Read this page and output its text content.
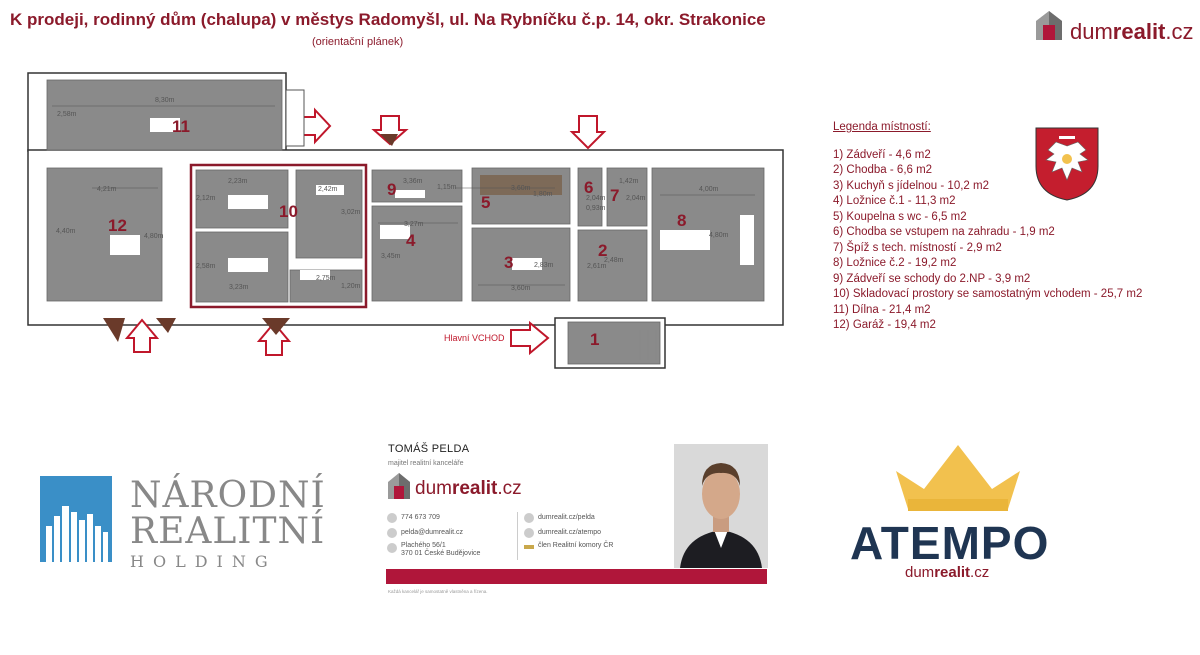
K prodeji, rodinný dům (chalupa) v městys Radomyšl, ul. Na Rybníčku č.p. 14, okr. Strakonice
(orientační plánek)	dumrealit.cz
11
12
10
9
4
5
3
6 7
2
8
1
Hlavní VCHOD
8,30m
2,58m
4,21m
4,40m
4,80m
2,23m
2,12m
2,42m
3,02m
2,58m
3,23m
2,75m
1,20m
3,36m
1,15m
3,27m
3,45m
3,60m
1,80m
2,83m
3,60m
2,04m
0,93m
1,42m
2,04m
2,48m
2,61m
4,00m
4,80m
Legenda místností:
1) Zádveří - 4,6 m2
2) Chodba - 6,6 m2
3) Kuchyň s jídelnou - 10,2 m2
4) Ložnice č.1 - 11,3 m2
5) Koupelna s wc - 6,5 m2
6) Chodba se vstupem na zahradu - 1,9 m2
7) Špíž s tech. místností - 2,9 m2
8) Ložnice č.2 - 19,2 m2
9) Zádveří se schody do 2.NP - 3,9 m2
10) Skladovací prostory se samostatným vchodem - 25,7 m2
11) Dílna - 21,4 m2
12) Garáž - 19,4 m2
NÁRODNÍ
REALITNÍ
HOLDING
TOMÁŠ PELDA
majitel realitní kanceláře
dumrealit.cz
774 673 709
pelda@dumrealit.cz
Plachého 56/1
370 01 České Budějovice
dumrealit.cz/pelda
dumrealit.cz/atempo
člen Realitní komory ČR
Každá kancelář je samostatně vlastněna a řízena.
ATEMPO
dumrealit.cz
